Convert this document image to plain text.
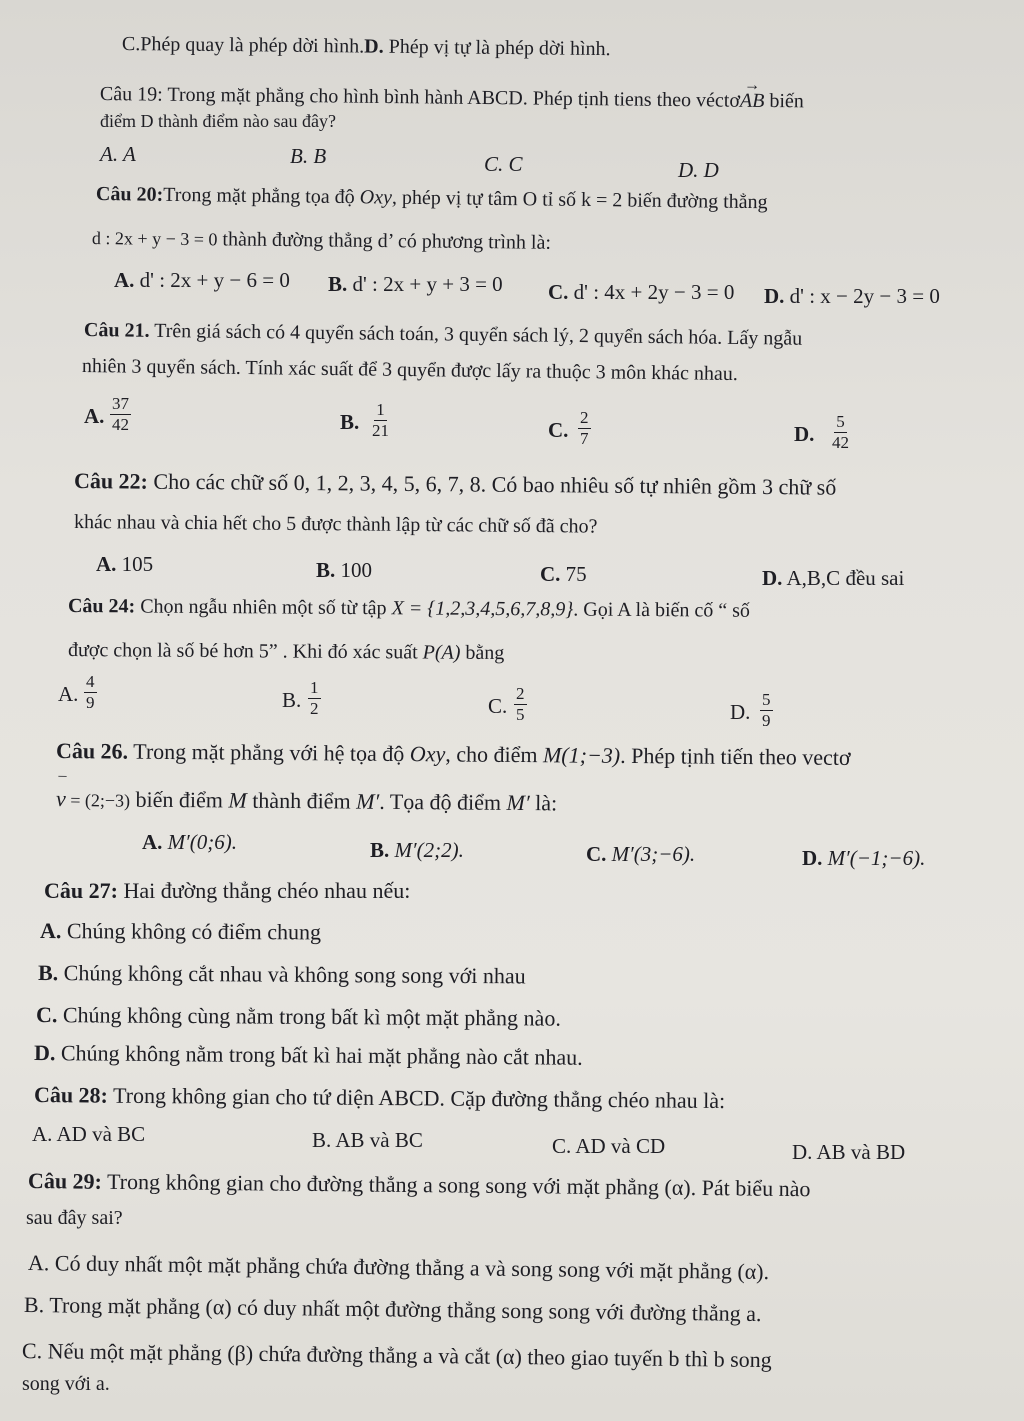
C.Phép quay là phép dời hình.D. Phép vị tự là phép dời hình.
Câu 19: Trong mặt phẳng cho hình bình hành ABCD. Phép tịnh tiens theo véctơ→ AB biến
điểm D thành điểm nào sau đây?
A. A	B. B	C. C	D. D
Câu 20:Trong mặt phẳng tọa độ Oxy, phép vị tự tâm O tỉ số k = 2 biến đường thẳng
d : 2x + y − 3 = 0 thành đường thẳng d’ có phương trình là:
A. d' : 2x + y − 6 = 0 B. d' : 2x + y + 3 = 0 C. d' : 4x + 2y − 3 = 0 D. d' : x − 2y − 3 = 0
Câu 21. Trên giá sách có 4 quyển sách toán, 3 quyển sách lý, 2 quyển sách hóa. Lấy ngẫu
nhiên 3 quyển sách. Tính xác suất để 3 quyển được lấy ra thuộc 3 môn khác nhau.
A. $\frac{37}{42}$	B. $\frac{1}{21}$	C. $\frac{2}{7}$	D. $\frac{5}{42}$
Câu 22: Cho các chữ số 0, 1, 2, 3, 4, 5, 6, 7, 8. Có bao nhiêu số tự nhiên gồm 3 chữ số
khác nhau và chia hết cho 5 được thành lập từ các chữ số đã cho?
A. 105	B. 100	C. 75	D. A,B,C đều sai
Câu 24: Chọn ngẫu nhiên một số từ tập X = {1,2,3,4,5,6,7,8,9}. Gọi A là biến cố “ số
được chọn là số bé hơn 5” . Khi đó xác suất P(A) bằng
A. $\frac{4}{9}$	B. $\frac{1}{2}$	C. $\frac{2}{5}$	D. $\frac{5}{9}$
Câu 26. Trong mặt phẳng với hệ tọa độ Oxy, cho điểm M(1;−3). Phép tịnh tiến theo vectơ
¯ v = (2;−3) biến điểm M thành điểm M′. Tọa độ điểm M′ là:
A. M′(0;6).	B. M′(2;2).	C. M′(3;−6).	D. M′(−1;−6).
Câu 27: Hai đường thẳng chéo nhau nếu:
A. Chúng không có điểm chung
B. Chúng không cắt nhau và không song song với nhau
C. Chúng không cùng nằm trong bất kì một mặt phẳng nào.
D. Chúng không nằm trong bất kì hai mặt phẳng nào cắt nhau.
Câu 28: Trong không gian cho tứ diện ABCD. Cặp đường thẳng chéo nhau là:
A. AD và BC	B. AB và BC	C. AD và CD	D. AB và BD
Câu 29: Trong không gian cho đường thẳng a song song với mặt phẳng (α). Pát biểu nào
sau đây sai?
A. Có duy nhất một mặt phẳng chứa đường thẳng a và song song với mặt phẳng (α).
B. Trong mặt phẳng (α) có duy nhất một đường thẳng song song với đường thẳng a.
C. Nếu một mặt phẳng (β) chứa đường thẳng a và cắt (α) theo giao tuyến b thì b song
song với a.
